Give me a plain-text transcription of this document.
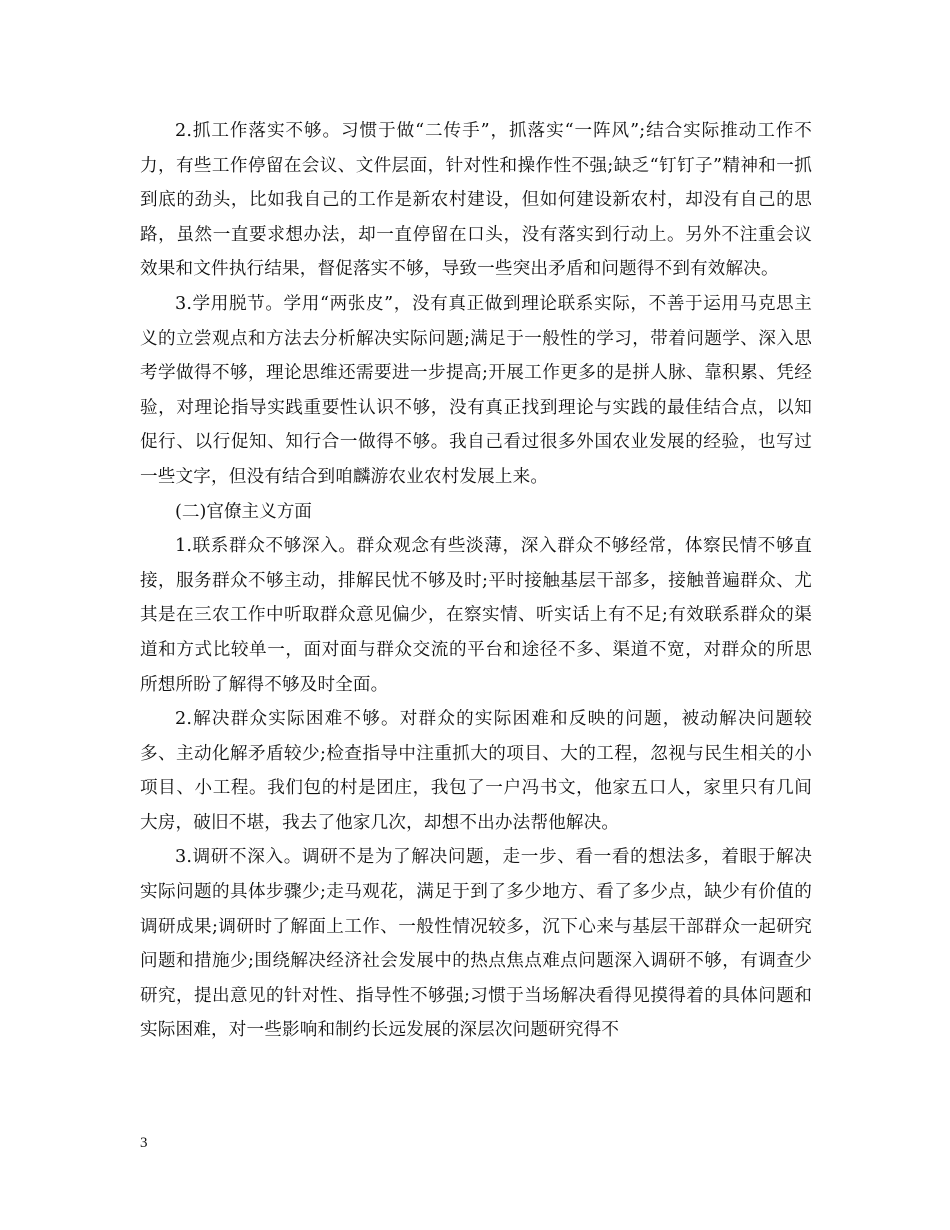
2.抓工作落实不够。习惯于做“二传手”，抓落实“一阵风”;结合实际推动工作不力，有些工作停留在会议、文件层面，针对性和操作性不强;缺乏“钉钉子”精神和一抓到底的劲头，比如我自己的工作是新农村建设，但如何建设新农村，却没有自己的思路，虽然一直要求想办法，却一直停留在口头，没有落实到行动上。另外不注重会议效果和文件执行结果，督促落实不够，导致一些突出矛盾和问题得不到有效解决。

3.学用脱节。学用“两张皮”，没有真正做到理论联系实际，不善于运用马克思主义的立尝观点和方法去分析解决实际问题;满足于一般性的学习，带着问题学、深入思考学做得不够，理论思维还需要进一步提高;开展工作更多的是拼人脉、靠积累、凭经验，对理论指导实践重要性认识不够，没有真正找到理论与实践的最佳结合点，以知促行、以行促知、知行合一做得不够。我自己看过很多外国农业发展的经验，也写过一些文字，但没有结合到咱麟游农业农村发展上来。

(二)官僚主义方面

1.联系群众不够深入。群众观念有些淡薄，深入群众不够经常，体察民情不够直接，服务群众不够主动，排解民忧不够及时;平时接触基层干部多，接触普遍群众、尤其是在三农工作中听取群众意见偏少，在察实情、听实话上有不足;有效联系群众的渠道和方式比较单一，面对面与群众交流的平台和途径不多、渠道不宽，对群众的所思所想所盼了解得不够及时全面。

2.解决群众实际困难不够。对群众的实际困难和反映的问题，被动解决问题较多、主动化解矛盾较少;检查指导中注重抓大的项目、大的工程，忽视与民生相关的小项目、小工程。我们包的村是团庄，我包了一户冯书文，他家五口人，家里只有几间大房，破旧不堪，我去了他家几次，却想不出办法帮他解决。

3.调研不深入。调研不是为了解决问题，走一步、看一看的想法多，着眼于解决实际问题的具体步骤少;走马观花，满足于到了多少地方、看了多少点，缺少有价值的调研成果;调研时了解面上工作、一般性情况较多，沉下心来与基层干部群众一起研究问题和措施少;围绕解决经济社会发展中的热点焦点难点问题深入调研不够，有调查少研究，提出意见的针对性、指导性不够强;习惯于当场解决看得见摸得着的具体问题和实际困难，对一些影响和制约长远发展的深层次问题研究得不

3
